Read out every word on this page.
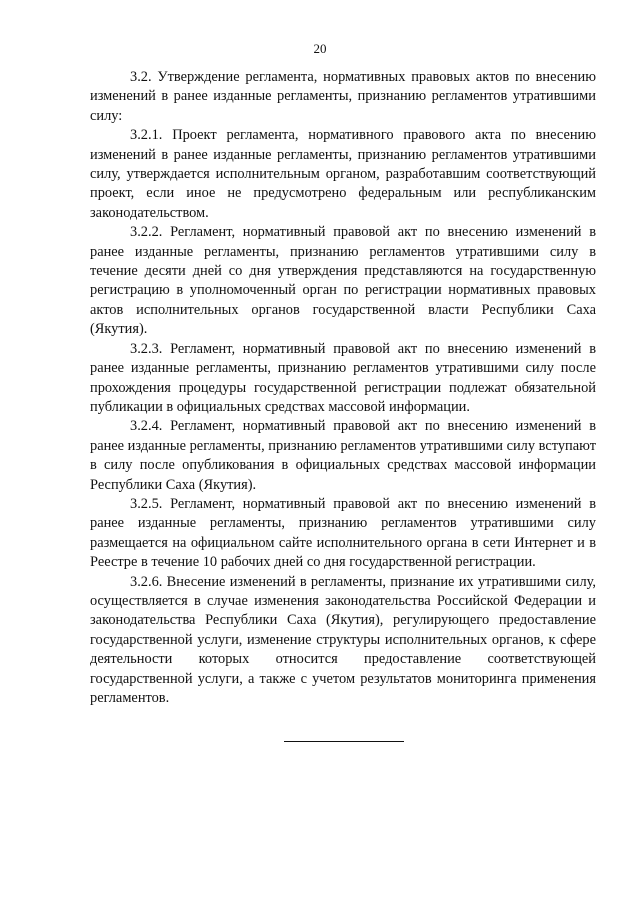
20

3.2. Утверждение регламента, нормативных правовых актов по внесению изменений в ранее изданные регламенты, признанию регламентов утратившими силу:

3.2.1. Проект регламента, нормативного правового акта по внесению изменений в ранее изданные регламенты, признанию регламентов утратившими силу, утверждается исполнительным органом, разработавшим соответствующий проект, если иное не предусмотрено федеральным или республиканским законодательством.

3.2.2. Регламент, нормативный правовой акт по внесению изменений в ранее изданные регламенты, признанию регламентов утратившими силу в течение десяти дней со дня утверждения представляются на государственную регистрацию в уполномоченный орган по регистрации нормативных правовых актов исполнительных органов государственной власти Республики Саха (Якутия).

3.2.3. Регламент, нормативный правовой акт по внесению изменений в ранее изданные регламенты, признанию регламентов утратившими силу после прохождения процедуры государственной регистрации подлежат обязательной публикации в официальных средствах массовой информации.

3.2.4. Регламент, нормативный правовой акт по внесению изменений в ранее изданные регламенты, признанию регламентов утратившими силу вступают в силу после опубликования в официальных средствах массовой информации Республики Саха (Якутия).

3.2.5. Регламент, нормативный правовой акт по внесению изменений в ранее изданные регламенты, признанию регламентов утратившими силу размещается на официальном сайте исполнительного органа в сети Интернет и в Реестре в течение 10 рабочих дней со дня государственной регистрации.

3.2.6. Внесение изменений в регламенты, признание их утратившими силу, осуществляется в случае изменения законодательства Российской Федерации и законодательства Республики Саха (Якутия), регулирующего предоставление государственной услуги, изменение структуры исполнительных органов, к сфере деятельности которых относится предоставление соответствующей государственной услуги, а также с учетом результатов мониторинга применения регламентов.
